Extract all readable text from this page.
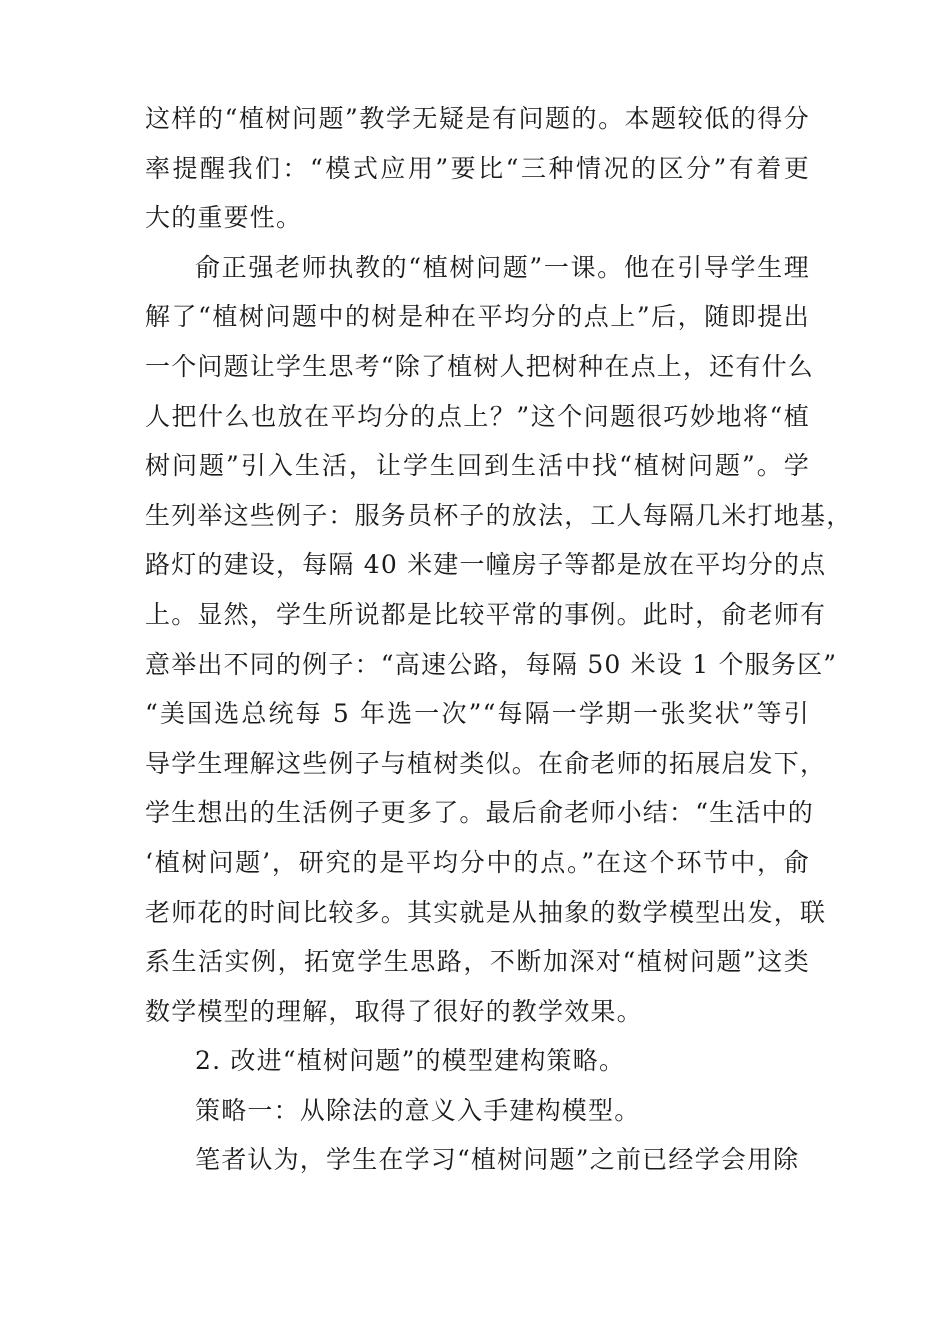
这样的“植树问题”教学无疑是有问题的。本题较低的得分
率提醒我们：“模式应用”要比“三种情况的区分”有着更
大的重要性。
俞正强老师执教的“植树问题”一课。他在引导学生理
解了“植树问题中的树是种在平均分的点上”后，随即提出
一个问题让学生思考“除了植树人把树种在点上，还有什么
人把什么也放在平均分的点上？”这个问题很巧妙地将“植
树问题”引入生活，让学生回到生活中找“植树问题”。学
生列举这些例子：服务员杯子的放法，工人每隔几米打地基，
路灯的建设，每隔 40 米建一幢房子等都是放在平均分的点
上。显然，学生所说都是比较平常的事例。此时，俞老师有
意举出不同的例子：“高速公路，每隔 50 米设 1 个服务区”
“美国选总统每 5 年选一次”“每隔一学期一张奖状”等引
导学生理解这些例子与植树类似。在俞老师的拓展启发下，
学生想出的生活例子更多了。最后俞老师小结：“生活中的
‘植树问题’，研究的是平均分中的点。”在这个环节中，俞
老师花的时间比较多。其实就是从抽象的数学模型出发，联
系生活实例，拓宽学生思路，不断加深对“植树问题”这类
数学模型的理解，取得了很好的教学效果。
2. 改进“植树问题”的模型建构策略。
策略一：从除法的意义入手建构模型。
笔者认为，学生在学习“植树问题”之前已经学会用除
